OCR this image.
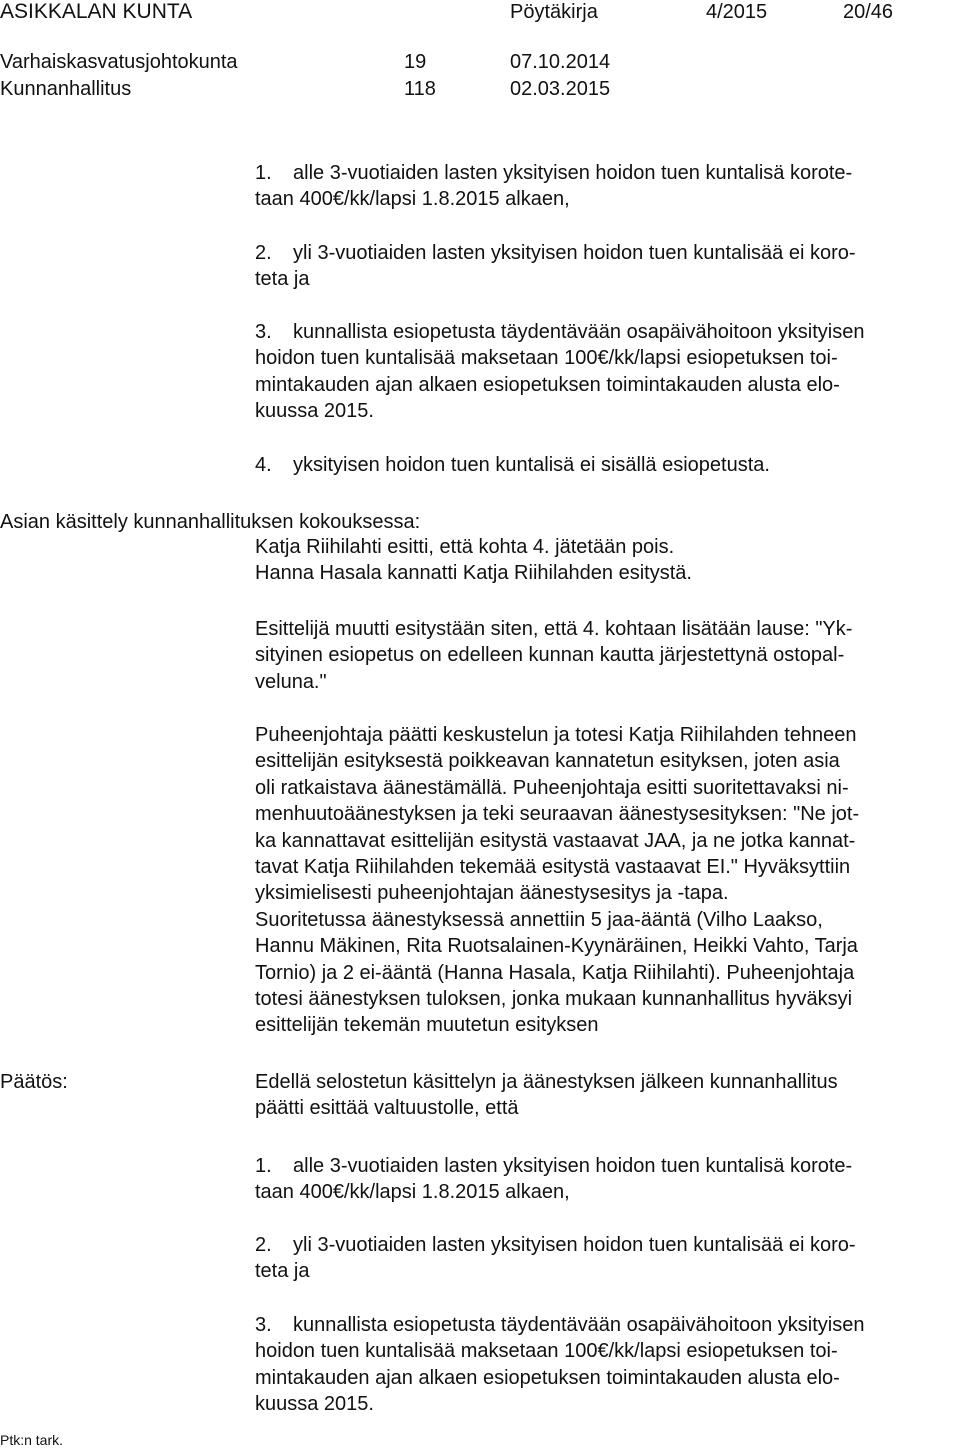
ASIKKALAN KUNTA	Pöytäkirja	4/2015	20/46
Varhaiskasvatusjohtokunta	19	07.10.2014
Kunnanhallitus	118	02.03.2015

1. alle 3-vuotiaiden lasten yksityisen hoidon tuen kuntalisä korote-

taan 400€/kk/lapsi 1.8.2015 alkaen,

2. yli 3-vuotiaiden lasten yksityisen hoidon tuen kuntalisää ei koro-

teta ja

3. kunnallista esiopetusta täydentävään osapäivähoitoon yksityisen

hoidon tuen kuntalisää maksetaan 100€/kk/lapsi esiopetuksen toi-

mintakauden ajan alkaen esiopetuksen toimintakauden alusta elo-

kuussa 2015.

4. yksityisen hoidon tuen kuntalisä ei sisällä esiopetusta.

Asian käsittely kunnanhallituksen kokouksessa:

Katja Riihilahti esitti, että kohta 4. jätetään pois.

Hanna Hasala kannatti Katja Riihilahden esitystä.

Esittelijä muutti esitystään siten, että 4. kohtaan lisätään lause: "Yk-

sityinen esiopetus on edelleen kunnan kautta järjestettynä ostopal-

veluna."

Puheenjohtaja päätti keskustelun ja totesi Katja Riihilahden tehneen

esittelijän esityksestä poikkeavan kannatetun esityksen, joten asia

oli ratkaistava äänestämällä. Puheenjohtaja esitti suoritettavaksi ni-

menhuutoäänestyksen ja teki seuraavan äänestysesityksen: "Ne jot-

ka kannattavat esittelijän esitystä vastaavat JAA, ja ne jotka kannat-

tavat Katja Riihilahden tekemää esitystä vastaavat EI." Hyväksyttiin

yksimielisesti puheenjohtajan äänestysesitys ja -tapa.

Suoritetussa äänestyksessä annettiin 5 jaa-ääntä (Vilho Laakso,

Hannu Mäkinen, Rita Ruotsalainen-Kyynäräinen, Heikki Vahto, Tarja

Tornio) ja 2 ei-ääntä (Hanna Hasala, Katja Riihilahti). Puheenjohtaja

totesi äänestyksen tuloksen, jonka mukaan kunnanhallitus hyväksyi

esittelijän tekemän muutetun esityksen

Päätös:	Edellä selostetun käsittelyn ja äänestyksen jälkeen kunnanhallitus

päätti esittää valtuustolle, että

1. alle 3-vuotiaiden lasten yksityisen hoidon tuen kuntalisä korote-

taan 400€/kk/lapsi 1.8.2015 alkaen,

2. yli 3-vuotiaiden lasten yksityisen hoidon tuen kuntalisää ei koro-

teta ja

3. kunnallista esiopetusta täydentävään osapäivähoitoon yksityisen

hoidon tuen kuntalisää maksetaan 100€/kk/lapsi esiopetuksen toi-

mintakauden ajan alkaen esiopetuksen toimintakauden alusta elo-

kuussa 2015.

Ptk:n tark.
